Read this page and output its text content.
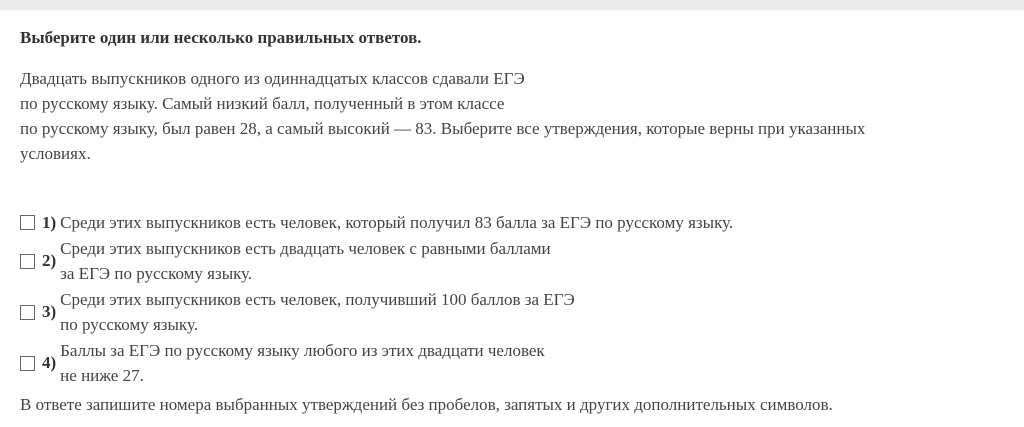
Выберите один или несколько правильных ответов.
Двадцать выпускников одного из одиннадцатых классов сдавали ЕГЭ
по русскому языку. Самый низкий балл, полученный в этом классе
по русскому языку, был равен 28, а самый высокий — 83. Выберите все утверждения, которые верны при указанных
условиях.
1) Среди этих выпускников есть человек, который получил 83 балла за ЕГЭ по русскому языку.
2)
Среди этих выпускников есть двадцать человек с равными баллами
за ЕГЭ по русскому языку.
3)
Среди этих выпускников есть человек, получивший 100 баллов за ЕГЭ
по русскому языку.
4)
Баллы за ЕГЭ по русскому языку любого из этих двадцати человек
не ниже 27.
В ответе запишите номера выбранных утверждений без пробелов, запятых и других дополнительных символов.
